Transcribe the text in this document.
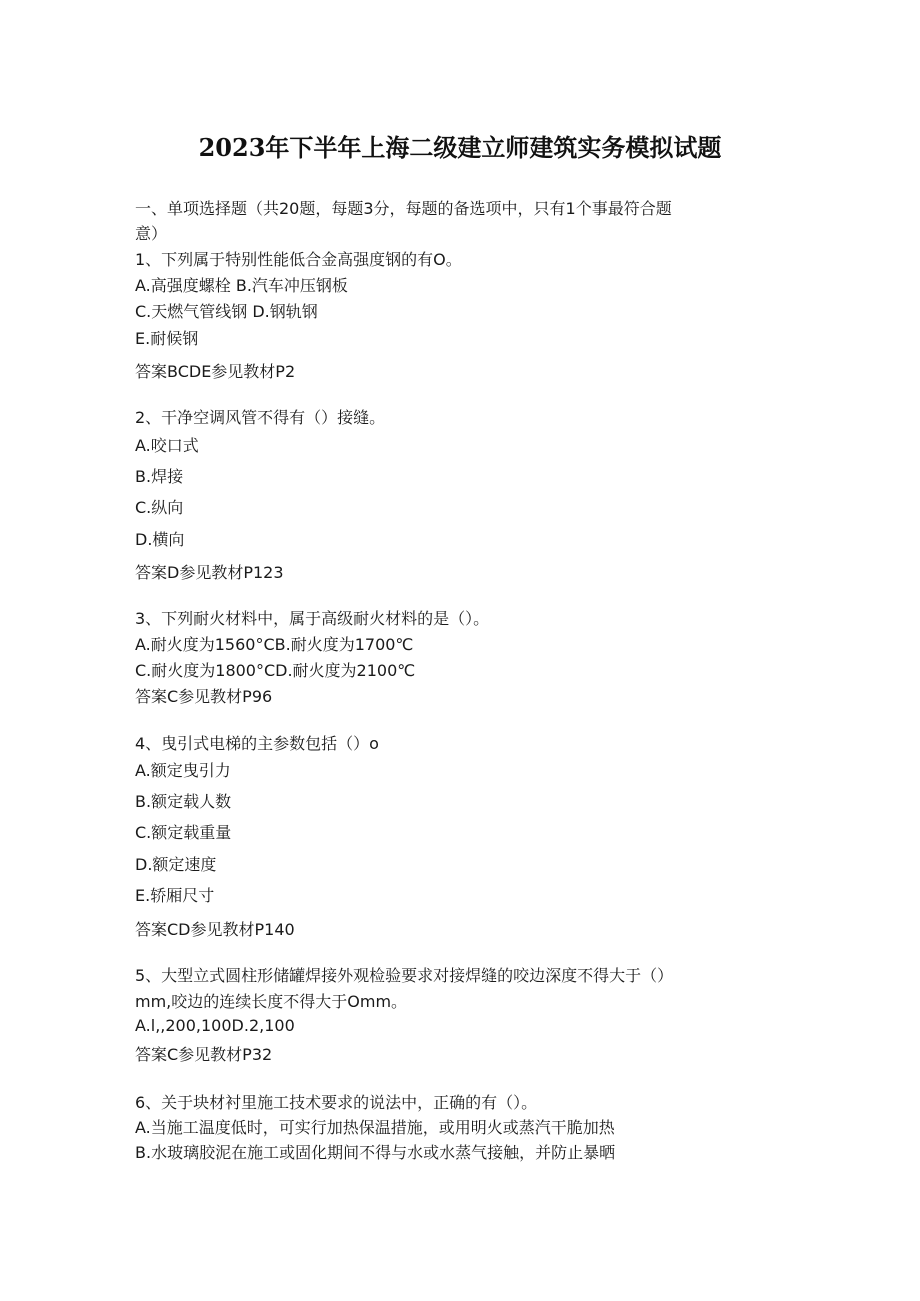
2023年下半年上海二级建立师建筑实务模拟试题
一、单项选择题（共20题，每题3分，每题的备选项中，只有1个事最符合题
意）
1、下列属于特别性能低合金高强度钢的有O。
A.高强度螺栓 B.汽车冲压钢板
C.天燃气管线钢 D.钢轨钢
E.耐候钢
答案BCDE参见教材P2
2、干净空调风管不得有（）接缝。
A.咬口式
B.焊接
C.纵向
D.横向
答案D参见教材P123
3、下列耐火材料中，属于高级耐火材料的是（）。
A.耐火度为1560°CB.耐火度为1700℃
C.耐火度为1800°CD.耐火度为2100℃
答案C参见教材P96
4、曳引式电梯的主参数包括（）o
A.额定曳引力
B.额定载人数
C.额定载重量
D.额定速度
E.轿厢尺寸
答案CD参见教材P140
5、大型立式圆柱形储罐焊接外观检验要求对接焊缝的咬边深度不得大于（）
mm,咬边的连续长度不得大于Omm。
A.l,,200,100D.2,100
答案C参见教材P32
6、关于块材衬里施工技术要求的说法中，正确的有（）。
A.当施工温度低时，可实行加热保温措施，或用明火或蒸汽干脆加热
B.水玻璃胶泥在施工或固化期间不得与水或水蒸气接触，并防止暴晒
